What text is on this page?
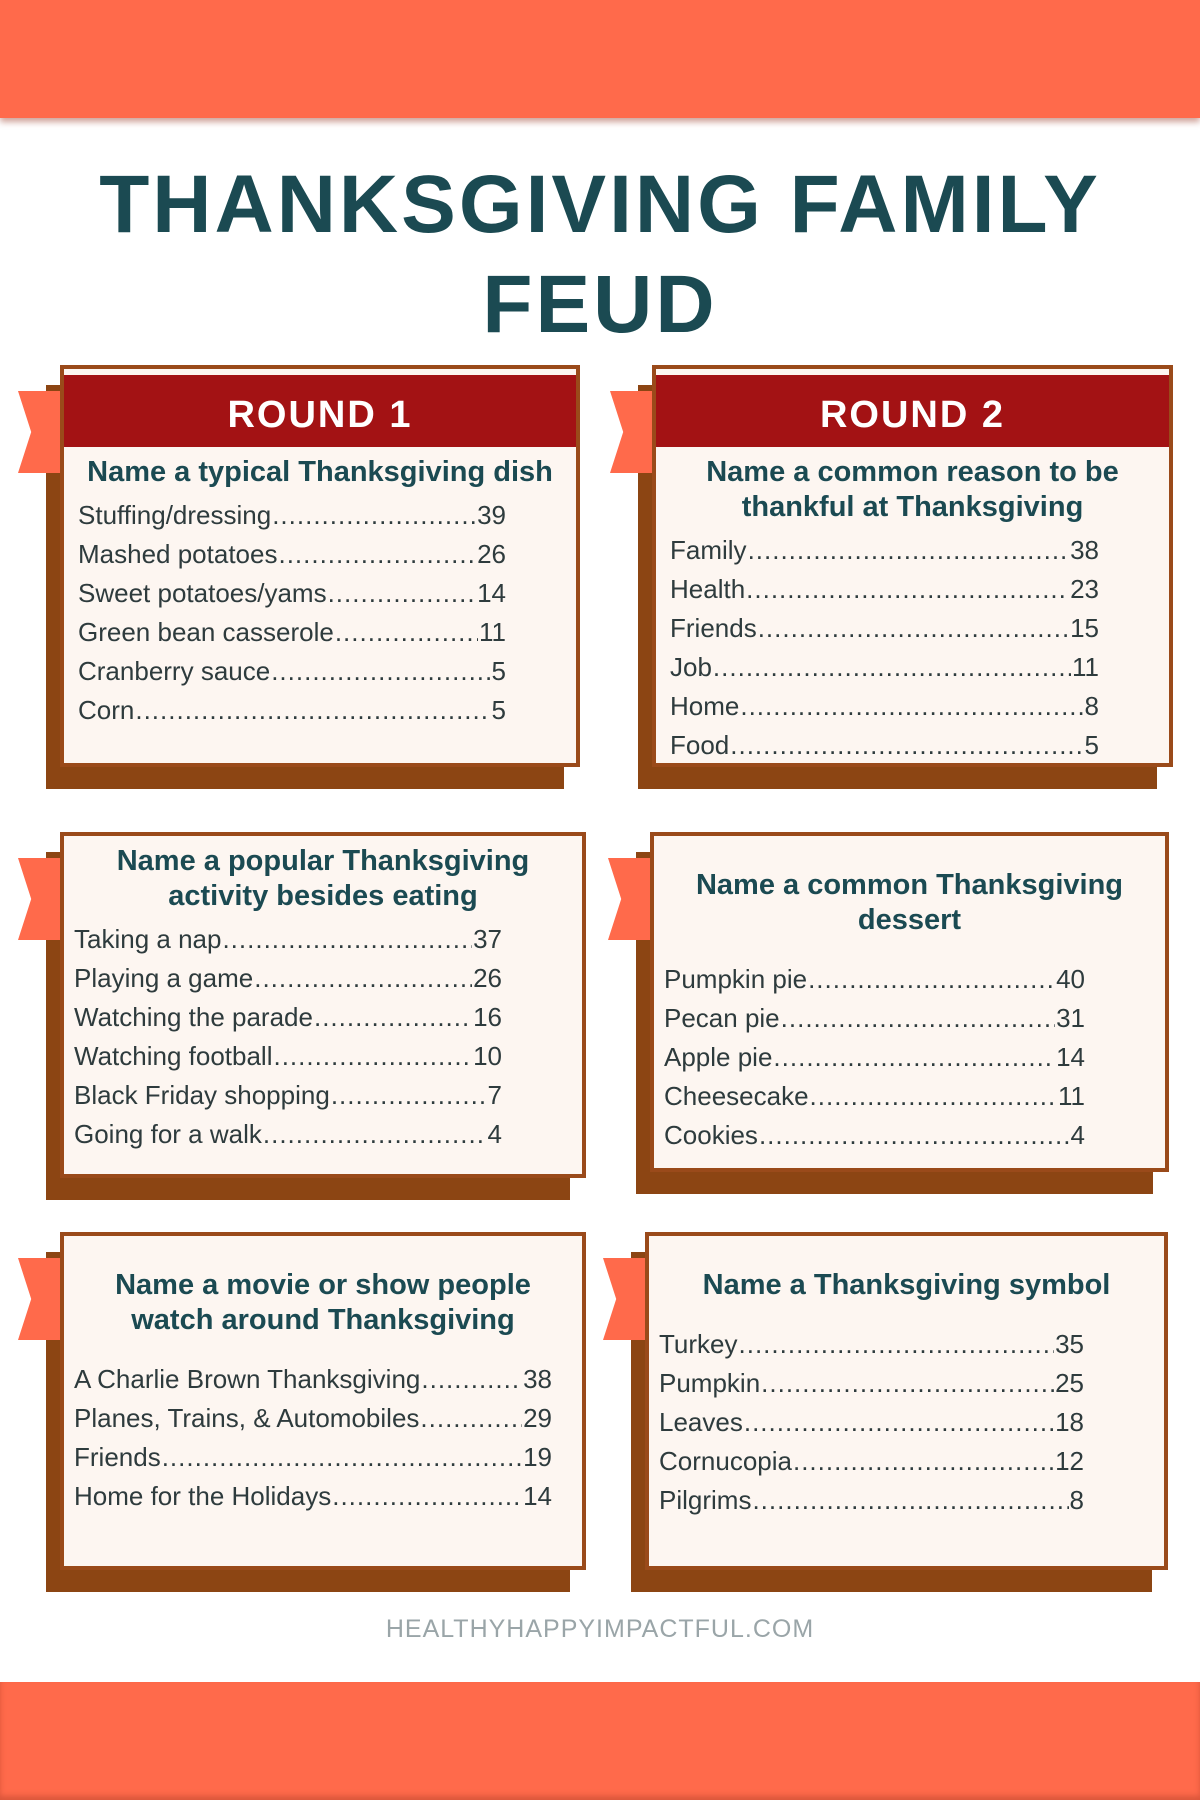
THANKSGIVING FAMILY
FEUD
ROUND 1
Name a typical Thanksgiving dish
Stuffing/dressing .....	39
Mashed potatoes .....	26
Sweet potatoes/yams .....	14
Green bean casserole .....	11
Cranberry sauce .....	5
Corn .....	5
ROUND 2
Name a common reason to be thankful at Thanksgiving
Family .....	38
Health .....	23
Friends .....	15
Job .....	11
Home .....	8
Food .....	5
Name a popular Thanksgiving activity besides eating
Taking a nap .....	37
Playing a game .....	26
Watching the parade .....	16
Watching football .....	10
Black Friday shopping .....	7
Going for a walk .....	4
Name a common Thanksgiving dessert
Pumpkin pie .....	40
Pecan pie .....	31
Apple pie .....	14
Cheesecake .....	11
Cookies .....	4
Name a movie or show people watch around Thanksgiving
A Charlie Brown Thanksgiving .....	38
Planes, Trains, & Automobiles .....	29
Friends .....	19
Home for the Holidays .....	14
Name a Thanksgiving symbol
Turkey .....	35
Pumpkin .....	25
Leaves .....	18
Cornucopia .....	12
Pilgrims .....	8
HEALTHYHAPPYIMPACTFUL.COM
